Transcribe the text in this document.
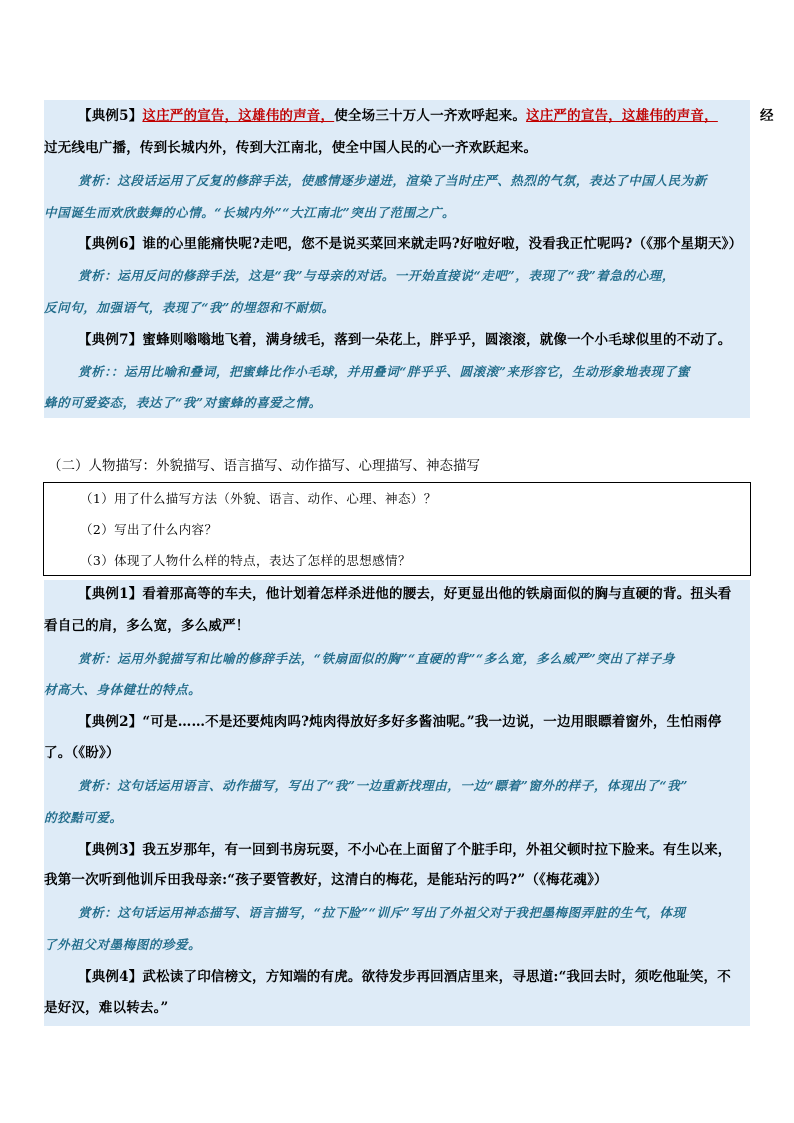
【典例5】这庄严的宣告，这雄伟的声音，使全场三十万人一齐欢呼起来。这庄严的宣告，这雄伟的声音，	经
过无线电广播，传到长城内外，传到大江南北，使全中国人民的心一齐欢跃起来。
赏析：这段话运用了反复的修辞手法，使感情逐步递进，渲染了当时庄严、热烈的气氛，表达了中国人民为新
中国诞生而欢欣鼓舞的心情。“长城内外”“大江南北”突出了范围之广。
【典例6】谁的心里能痛快呢?走吧，您不是说买菜回来就走吗?好啦好啦，没看我正忙呢吗?（《那个星期天》）
赏析：运用反问的修辞手法，这是“我”与母亲的对话。一开始直接说“走吧”，表现了“我”着急的心理，
反问句，加强语气，表现了“我”的埋怨和不耐烦。
【典例7】蜜蜂则嗡嗡地飞着，满身绒毛，落到一朵花上，胖乎乎，圆滚滚，就像一个小毛球似里的不动了。
赏析：：运用比喻和叠词，把蜜蜂比作小毛球，并用叠词“胖乎乎、圆滚滚”来形容它，生动形象地表现了蜜
蜂的可爱姿态，表达了“我”对蜜蜂的喜爱之情。
（二）人物描写：外貌描写、语言描写、动作描写、心理描写、神态描写
（1）用了什么描写方法（外貌、语言、动作、心理、神态）？
（2）写出了什么内容？
（3）体现了人物什么样的特点，表达了怎样的思想感情？
【典例1】看着那高等的车夫，他计划着怎样杀进他的腰去，好更显出他的铁扇面似的胸与直硬的背。扭头看
看自己的肩，多么宽，多么威严！
赏析：运用外貌描写和比喻的修辞手法，“铁扇面似的胸”“直硬的背”“多么宽，多么威严”突出了祥子身
材高大、身体健壮的特点。
【典例2】“可是……不是还要炖肉吗?炖肉得放好多好多酱油呢。”我一边说，一边用眼瞟着窗外，生怕雨停
了。（《盼》）
赏析：这句话运用语言、动作描写，写出了“我”一边重新找理由，一边“瞟着”窗外的样子，体现出了“我”
的狡黠可爱。
【典例3】我五岁那年，有一回到书房玩耍，不小心在上面留了个脏手印，外祖父顿时拉下脸来。有生以来，
我第一次听到他训斥田我母亲:“孩子要管教好，这清白的梅花，是能玷污的吗?”（《梅花魂》）
赏析：这句话运用神态描写、语言描写，“拉下脸”“训斥”写出了外祖父对于我把墨梅图弄脏的生气，体现
了外祖父对墨梅图的珍爱。
【典例4】武松读了印信榜文，方知端的有虎。欲待发步再回酒店里来，寻思道:“我回去时，须吃他耻笑，不
是好汉，难以转去。”
